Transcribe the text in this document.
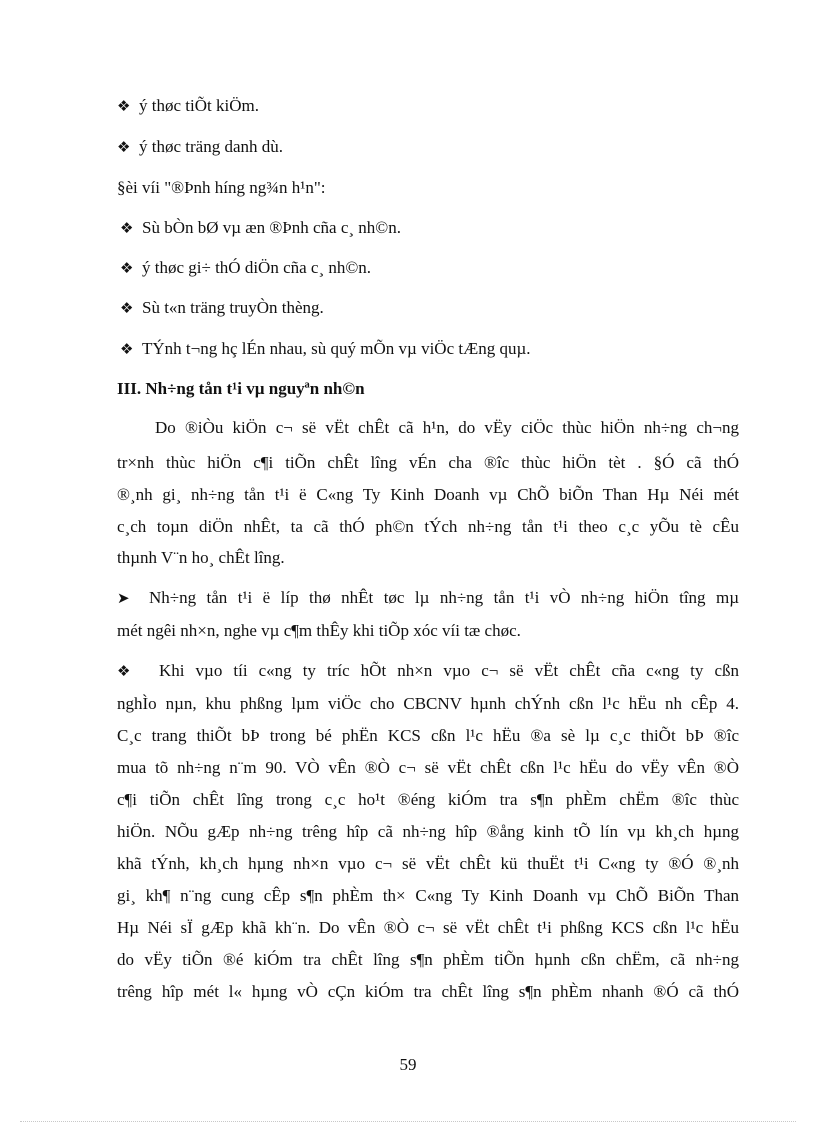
❖ ý thøc tiÕt kiÖm.
❖ ý thøc träng danh dù.
§èi víi "®Þnh híng ng¾n h¹n":
❖ Sù bÒn bØ vµ æn ®Þnh cña c¸ nh©n.
❖ ý thøc gi÷ thÓ diÖn cña c¸ nh©n.
❖ Sù t«n träng truyÒn thèng.
❖ TÝnh t¬ng hç lÉn nhau, sù quý mÕn vµ viÖc tÆng quµ.
III. Nh÷ng tån t¹i vµ nguyªn nh©n
Do ®iÒu kiÖn c¬ së vËt chÊt cã h¹n, do vËy ciÖc thùc hiÖn nh÷ng ch¬ng
tr×nh thùc hiÖn c¶i tiÕn chÊt lîng vÉn cha ®îc thùc hiÖn tèt . §Ó cã thÓ
®¸nh gi¸ nh÷ng tån t¹i ë C«ng Ty Kinh Doanh vµ ChÕ biÕn Than Hµ Néi mét
c¸ch toµn diÖn nhÊt, ta cã thÓ ph©n tÝch nh÷ng tån t¹i theo c¸c yÕu tè cÊu
thµnh V¨n ho¸ chÊt lîng.
➤ Nh÷ng tån t¹i ë líp thø nhÊt tøc lµ nh÷ng tån t¹i vÒ nh÷ng hiÖn tîng mµ
mét ngêi nh×n, nghe vµ c¶m thÊy khi tiÕp xóc víi tæ chøc.
❖ Khi vµo tíi c«ng ty tríc hÕt nh×n vµo c¬ së vËt chÊt cña c«ng ty cßn
nghÌo nµn, khu phßng lµm viÖc cho CBCNV hµnh chÝnh cßn l¹c hËu nh cÊp 4.
C¸c trang thiÕt bÞ trong bé phËn KCS cßn l¹c hËu ®a sè lµ c¸c thiÕt bÞ ®îc
mua tõ nh÷ng n¨m 90. VÒ vÊn ®Ò c¬ së vËt chÊt cßn l¹c hËu do vËy vÊn ®Ò
c¶i tiÕn chÊt lîng trong c¸c ho¹t ®éng kiÓm tra s¶n phÈm chËm ®îc thùc
hiÖn. NÕu gÆp nh÷ng trêng hîp cã nh÷ng hîp ®ång kinh tÕ lín vµ kh¸ch hµng
khã tÝnh, kh¸ch hµng nh×n vµo c¬ së vËt chÊt kü thuËt t¹i C«ng ty ®Ó ®¸nh
gi¸ kh¶ n¨ng cung cÊp s¶n phÈm th× C«ng Ty Kinh Doanh vµ ChÕ BiÕn Than
Hµ Néi sÏ gÆp khã kh¨n. Do vÊn ®Ò c¬ së vËt chÊt t¹i phßng KCS cßn l¹c hËu
do vËy tiÕn ®é kiÓm tra chÊt lîng s¶n phÈm tiÕn hµnh cßn chËm, cã nh÷ng
trêng hîp mét l« hµng vÒ cÇn kiÓm tra chÊt lîng s¶n phÈm nhanh ®Ó cã thÓ
59
